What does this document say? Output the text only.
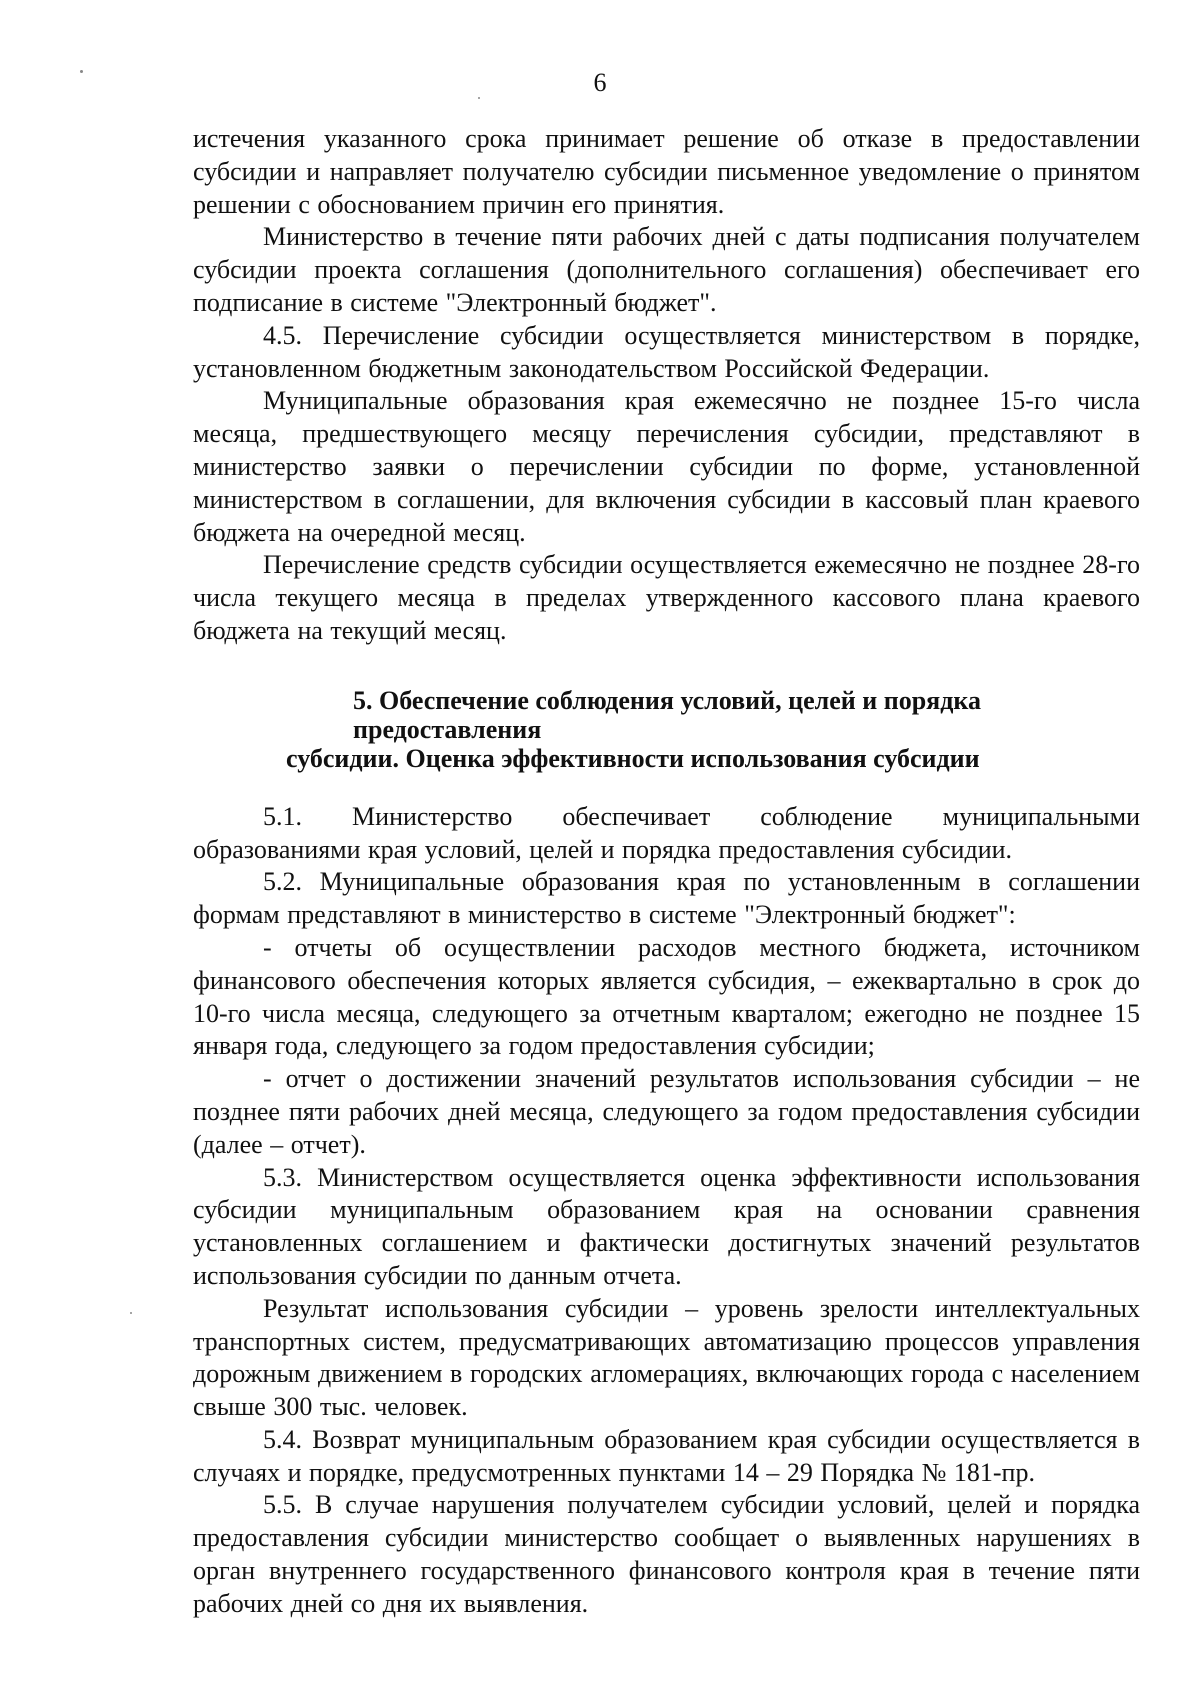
6

истечения указанного срока принимает решение об отказе в предоставлении субсидии и направляет получателю субсидии письменное уведомление о принятом решении с обоснованием причин его принятия.

Министерство в течение пяти рабочих дней с даты подписания получателем субсидии проекта соглашения (дополнительного соглашения) обеспечивает его подписание в системе "Электронный бюджет".

4.5. Перечисление субсидии осуществляется министерством в порядке, установленном бюджетным законодательством Российской Федерации.

Муниципальные образования края ежемесячно не позднее 15-го числа месяца, предшествующего месяцу перечисления субсидии, представляют в министерство заявки о перечислении субсидии по форме, установленной министерством в соглашении, для включения субсидии в кассовый план краевого бюджета на очередной месяц.

Перечисление средств субсидии осуществляется ежемесячно не позднее 28-го числа текущего месяца в пределах утвержденного кассового плана краевого бюджета на текущий месяц.

5. Обеспечение соблюдения условий, целей и порядка предоставления
субсидии. Оценка эффективности использования субсидии

5.1. Министерство обеспечивает соблюдение муниципальными образованиями края условий, целей и порядка предоставления субсидии.

5.2. Муниципальные образования края по установленным в соглашении формам представляют в министерство в системе "Электронный бюджет":

- отчеты об осуществлении расходов местного бюджета, источником финансового обеспечения которых является субсидия, – ежеквартально в срок до 10-го числа месяца, следующего за отчетным кварталом; ежегодно не позднее 15 января года, следующего за годом предоставления субсидии;

- отчет о достижении значений результатов использования субсидии – не позднее пяти рабочих дней месяца, следующего за годом предоставления субсидии (далее – отчет).

5.3. Министерством осуществляется оценка эффективности использования субсидии муниципальным образованием края на основании сравнения установленных соглашением и фактически достигнутых значений результатов использования субсидии по данным отчета.

Результат использования субсидии – уровень зрелости интеллектуальных транспортных систем, предусматривающих автоматизацию процессов управления дорожным движением в городских агломерациях, включающих города с населением свыше 300 тыс. человек.

5.4. Возврат муниципальным образованием края субсидии осуществляется в случаях и порядке, предусмотренных пунктами 14 – 29 Порядка № 181-пр.

5.5. В случае нарушения получателем субсидии условий, целей и порядка предоставления субсидии министерство сообщает о выявленных нарушениях в орган внутреннего государственного финансового контроля края в течение пяти рабочих дней со дня их выявления.
